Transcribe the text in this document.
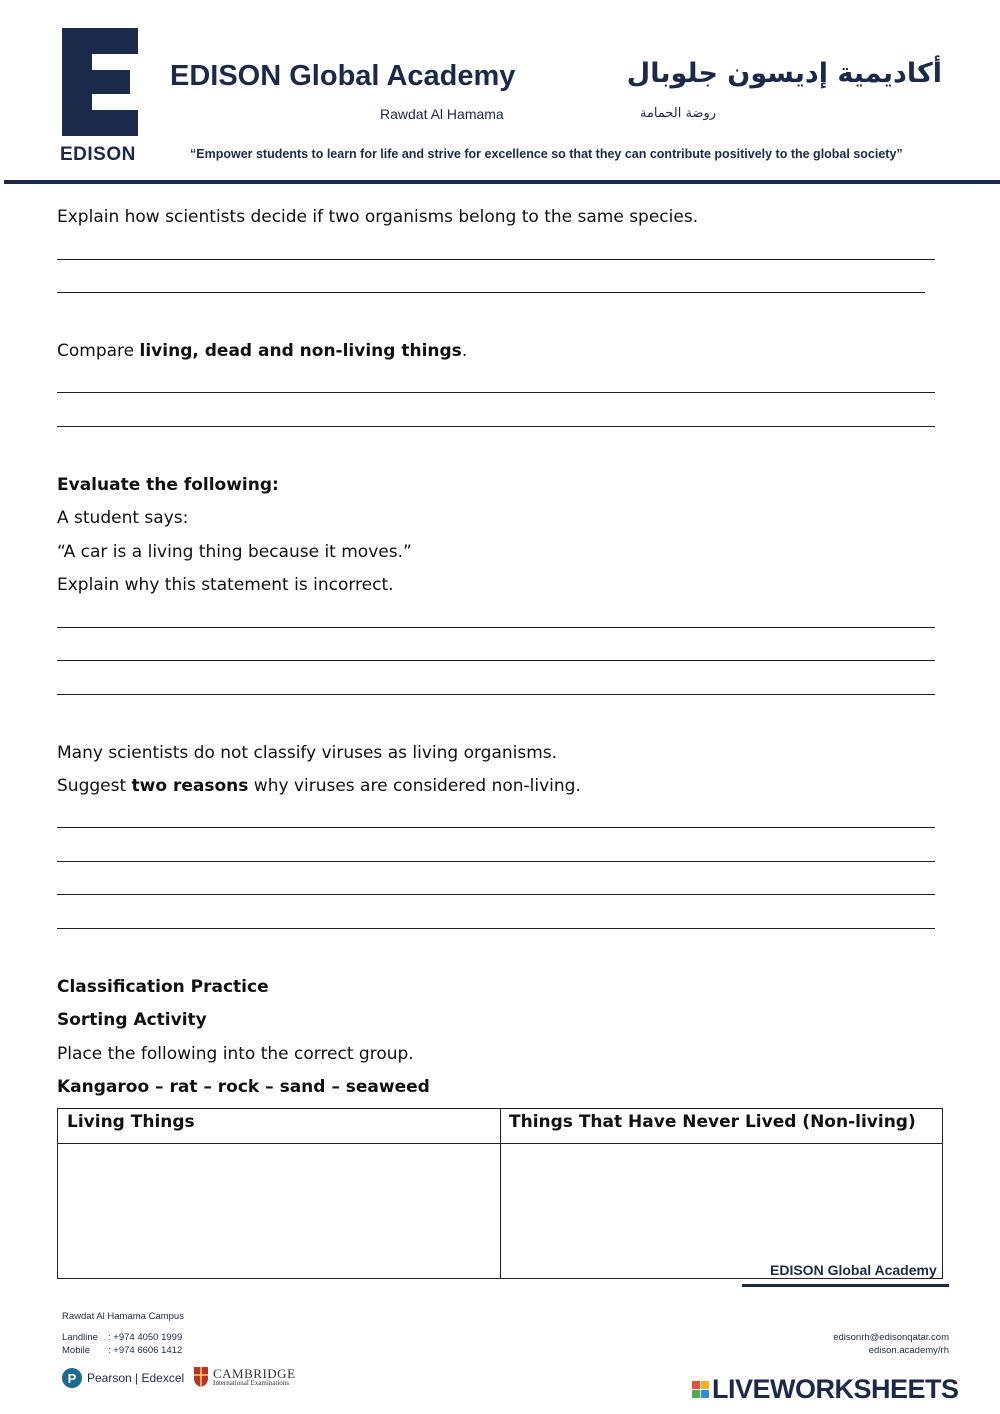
EDISON
EDISON Global Academy
Rawdat Al Hamama
أكاديمية إديسون جلوبال
روضة الحمامة
“Empower students to learn for life and strive for excellence so that they can contribute positively to the global society”
Explain how scientists decide if two organisms belong to the same species.
Compare living, dead and non-living things.
Evaluate the following:
A student says:
“A car is a living thing because it moves.”
Explain why this statement is incorrect.
Many scientists do not classify viruses as living organisms.
Suggest two reasons why viruses are considered non-living.
Classification Practice
Sorting Activity
Place the following into the correct group.
Kangaroo – rat – rock – sand – seaweed
Living Things	Things That Have Never Lived (Non-living)
EDISON Global Academy
Rawdat Al Hamama Campus
Landline : +974 4050 1999
Mobile : +974 6606 1412
edisonrh@edisonqatar.com
edison.academy/rh
P Pearson | Edexcel CAMBRIDGE
International Examinations	LIVEWORKSHEETS
